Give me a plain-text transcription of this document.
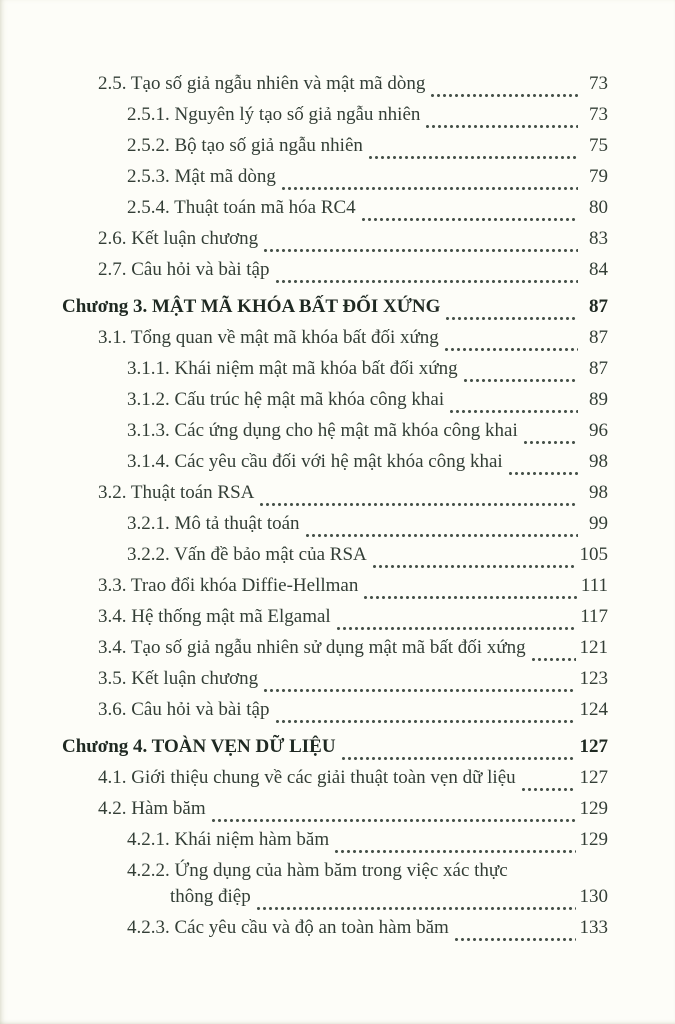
2.5. Tạo số giả ngẫu nhiên và mật mã dòng	73
2.5.1. Nguyên lý tạo số giả ngẫu nhiên	73
2.5.2. Bộ tạo số giả ngẫu nhiên	75
2.5.3. Mật mã dòng	79
2.5.4. Thuật toán mã hóa RC4	80
2.6. Kết luận chương	83
2.7. Câu hỏi và bài tập	84
Chương 3. MẬT MÃ KHÓA BẤT ĐỐI XỨNG	87
3.1. Tổng quan về mật mã khóa bất đối xứng	87
3.1.1. Khái niệm mật mã khóa bất đối xứng	87
3.1.2. Cấu trúc hệ mật mã khóa công khai	89
3.1.3. Các ứng dụng cho hệ mật mã khóa công khai	96
3.1.4. Các yêu cầu đối với hệ mật khóa công khai	98
3.2. Thuật toán RSA	98
3.2.1. Mô tả thuật toán	99
3.2.2. Vấn đề bảo mật của RSA	105
3.3. Trao đổi khóa Diffie-Hellman	111
3.4. Hệ thống mật mã Elgamal	117
3.4. Tạo số giả ngẫu nhiên sử dụng mật mã bất đối xứng	121
3.5. Kết luận chương	123
3.6. Câu hỏi và bài tập	124
Chương 4. TOÀN VẸN DỮ LIỆU	127
4.1. Giới thiệu chung về các giải thuật toàn vẹn dữ liệu	127
4.2. Hàm băm	129
4.2.1. Khái niệm hàm băm	129
4.2.2. Ứng dụng của hàm băm trong việc xác thực
thông điệp	130
4.2.3. Các yêu cầu và độ an toàn hàm băm	133
